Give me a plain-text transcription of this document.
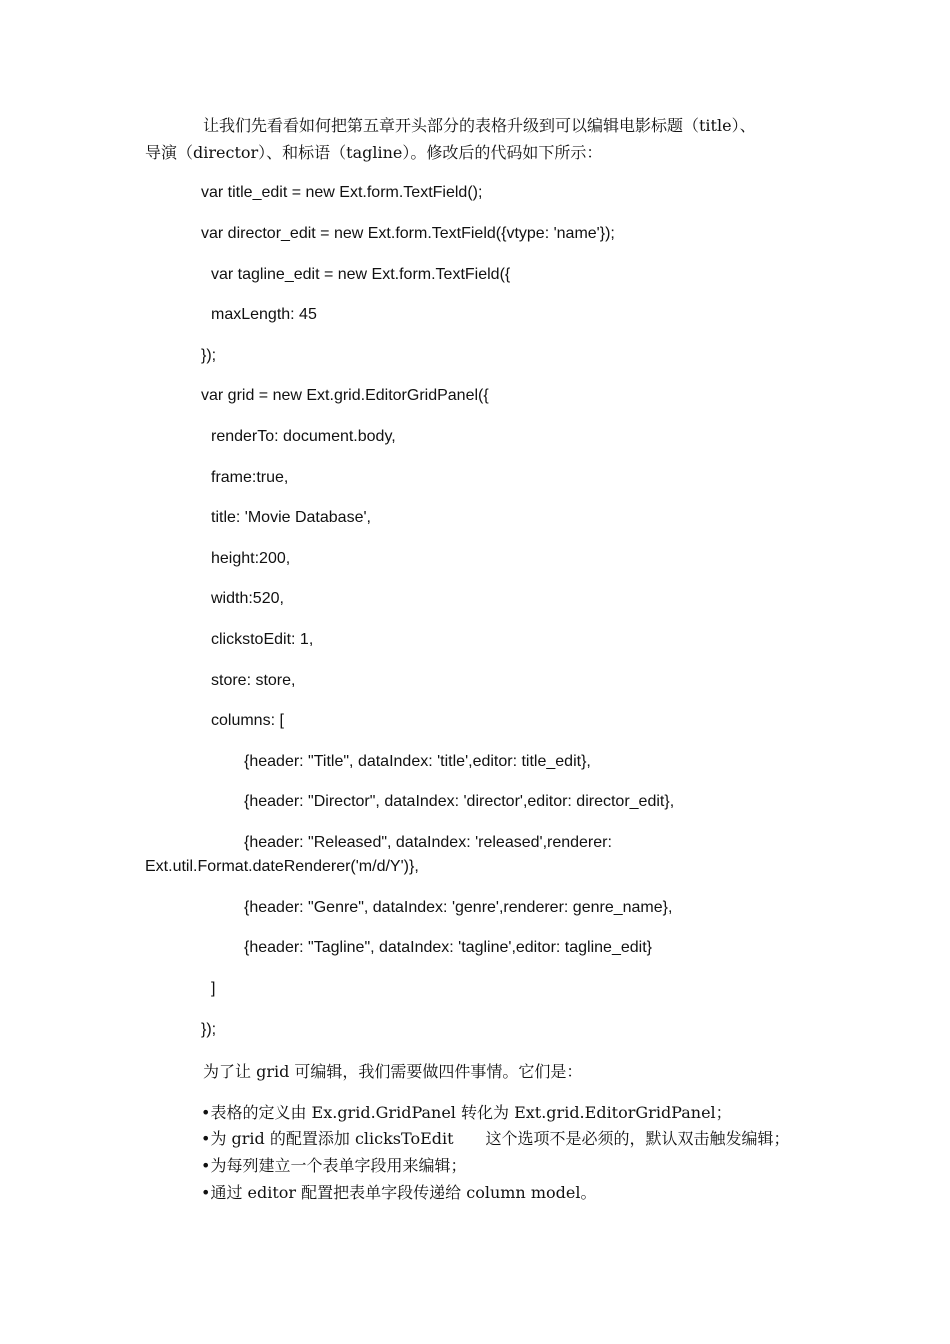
让我们先看看如何把第五章开头部分的表格升级到可以编辑电影标题（title）、

导演（director）、和标语（tagline）。修改后的代码如下所示：

var title_edit = new Ext.form.TextField();

var director_edit = new Ext.form.TextField({vtype: 'name'});

var tagline_edit = new Ext.form.TextField({

maxLength: 45

});

var grid = new Ext.grid.EditorGridPanel({

renderTo: document.body,

frame:true,

title: 'Movie Database',

height:200,

width:520,

clickstoEdit: 1,

store: store,

columns: [

{header: "Title", dataIndex: 'title',editor: title_edit},

{header: "Director", dataIndex: 'director',editor: director_edit},

{header: "Released", dataIndex: 'released',renderer:

Ext.util.Format.dateRenderer('m/d/Y')},

{header: "Genre", dataIndex: 'genre',renderer: genre_name},

{header: "Tagline", dataIndex: 'tagline',editor: tagline_edit}

]

});

为了让 grid 可编辑，我们需要做四件事情。它们是：

•表格的定义由 Ex.grid.GridPanel 转化为 Ext.grid.EditorGridPanel；

•为 grid 的配置添加 clicksToEdit　　这个选项不是必须的，默认双击触发编辑；

•为每列建立一个表单字段用来编辑；

•通过 editor 配置把表单字段传递给 column model。
